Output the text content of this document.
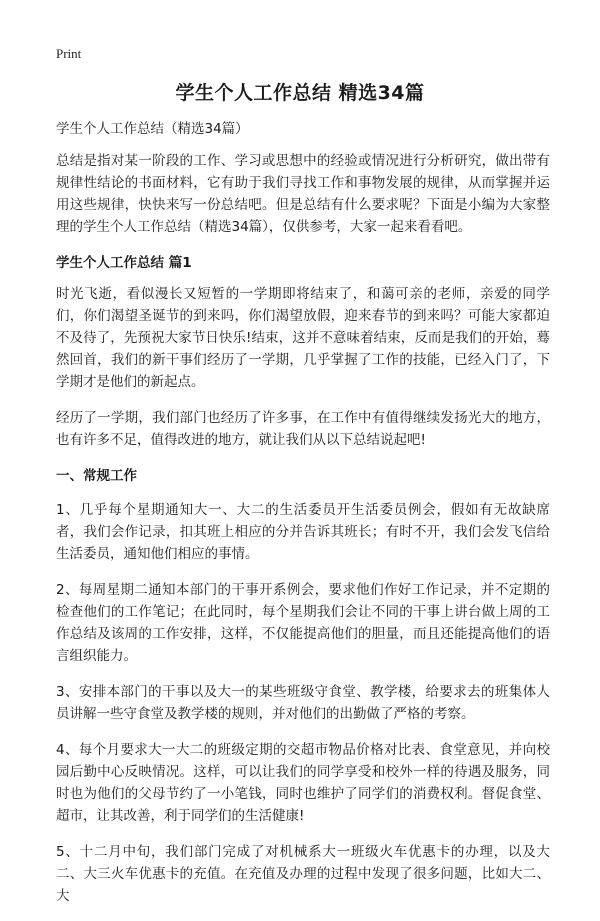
Print
学生个人工作总结 精选34篇

学生个人工作总结（精选34篇）

总结是指对某一阶段的工作、学习或思想中的经验或情况进行分析研究，做出带有规律性结论的书面材料，它有助于我们寻找工作和事物发展的规律，从而掌握并运用这些规律，快快来写一份总结吧。但是总结有什么要求呢？下面是小编为大家整理的学生个人工作总结（精选34篇），仅供参考，大家一起来看看吧。

学生个人工作总结 篇1

时光飞逝，看似漫长又短暂的一学期即将结束了，和蔼可亲的老师，亲爱的同学们，你们渴望圣诞节的到来吗，你们渴望放假，迎来春节的到来吗？可能大家都迫不及待了，先预祝大家节日快乐!结束，这并不意味着结束，反而是我们的开始，蓦然回首，我们的新干事们经历了一学期，几乎掌握了工作的技能，已经入门了，下学期才是他们的新起点。

经历了一学期，我们部门也经历了许多事，在工作中有值得继续发扬光大的地方，也有许多不足，值得改进的地方，就让我们从以下总结说起吧!

一、常规工作

1、几乎每个星期通知大一、大二的生活委员开生活委员例会，假如有无故缺席者，我们会作记录，扣其班上相应的分并告诉其班长；有时不开，我们会发飞信给生活委员，通知他们相应的事情。

2、每周星期二通知本部门的干事开系例会，要求他们作好工作记录，并不定期的检查他们的工作笔记；在此同时，每个星期我们会让不同的干事上讲台做上周的工作总结及该周的工作安排，这样，不仅能提高他们的胆量，而且还能提高他们的语言组织能力。

3、安排本部门的干事以及大一的某些班级守食堂、教学楼，给要求去的班集体人员讲解一些守食堂及教学楼的规则，并对他们的出勤做了严格的考察。

4、每个月要求大一大二的班级定期的交超市物品价格对比表、食堂意见，并向校园后勤中心反映情况。这样，可以让我们的同学享受和校外一样的待遇及服务，同时也为他们的父母节约了一小笔钱，同时也维护了同学们的消费权利。督促食堂、超市，让其改善，利于同学们的生活健康!

5、十二月中旬，我们部门完成了对机械系大一班级火车优惠卡的办理，以及大二、大三火车优惠卡的充值。在充值及办理的过程中发现了很多问题，比如大二、大
